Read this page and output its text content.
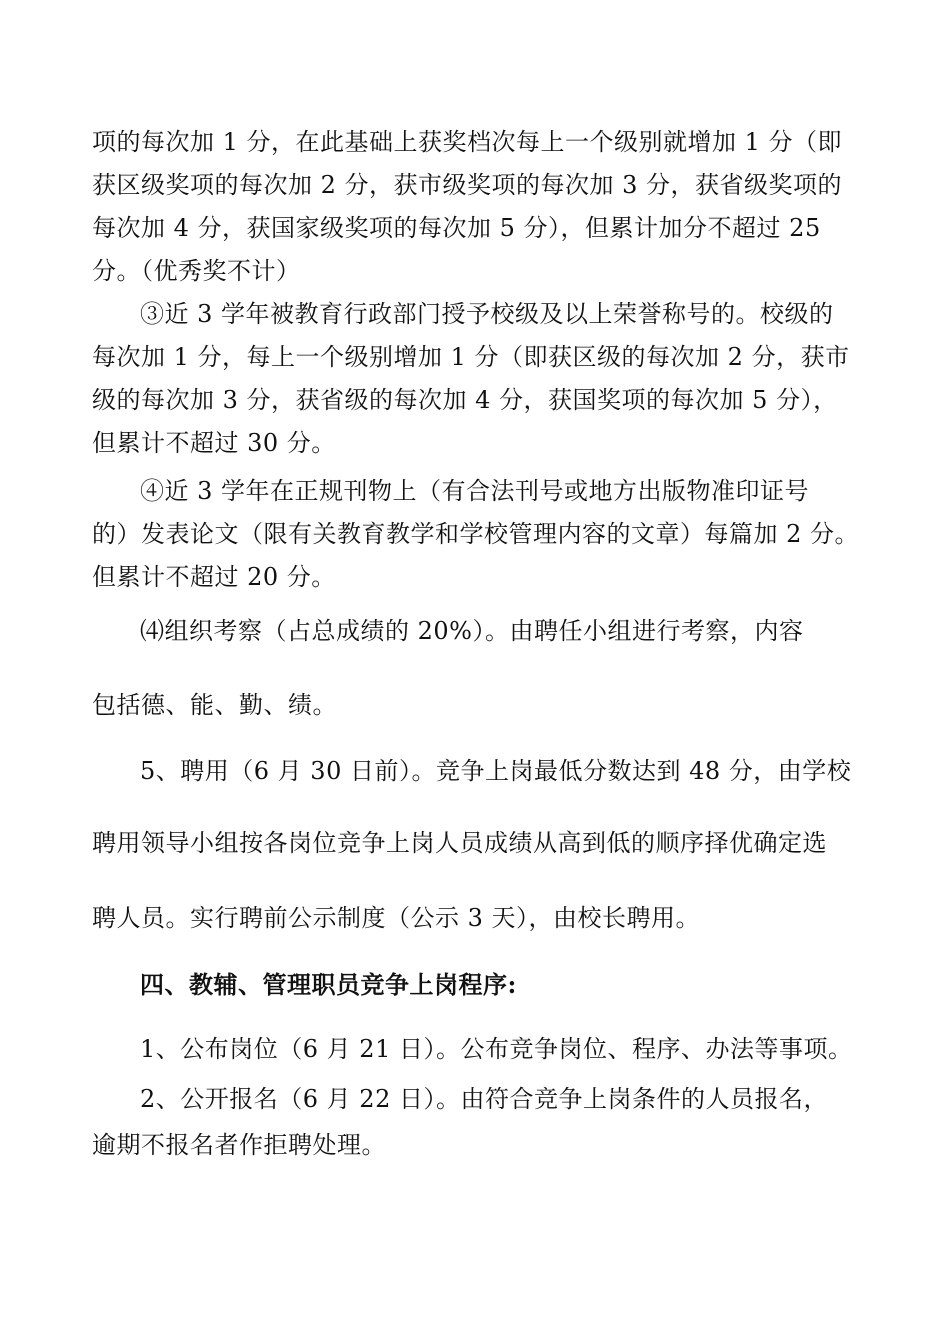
项的每次加 1 分，在此基础上获奖档次每上一个级别就增加 1 分（即
获区级奖项的每次加 2 分，获市级奖项的每次加 3 分，获省级奖项的
每次加 4 分，获国家级奖项的每次加 5 分），但累计加分不超过 25
分。（优秀奖不计）
③近 3 学年被教育行政部门授予校级及以上荣誉称号的。校级的
每次加 1 分，每上一个级别增加 1 分（即获区级的每次加 2 分，获市
级的每次加 3 分，获省级的每次加 4 分，获国奖项的每次加 5 分），
但累计不超过 30 分。
④近 3 学年在正规刊物上（有合法刊号或地方出版物准印证号
的）发表论文（限有关教育教学和学校管理内容的文章）每篇加 2 分。
但累计不超过 20 分。
⑷组织考察（占总成绩的 20%）。由聘任小组进行考察，内容
包括德、能、勤、绩。
5、聘用（6 月 30 日前）。竞争上岗最低分数达到 48 分，由学校
聘用领导小组按各岗位竞争上岗人员成绩从高到低的顺序择优确定选
聘人员。实行聘前公示制度（公示 3 天），由校长聘用。
四、教辅、管理职员竞争上岗程序:
1、公布岗位（6 月 21 日）。公布竞争岗位、程序、办法等事项。
2、公开报名（6 月 22 日）。由符合竞争上岗条件的人员报名，
逾期不报名者作拒聘处理。
